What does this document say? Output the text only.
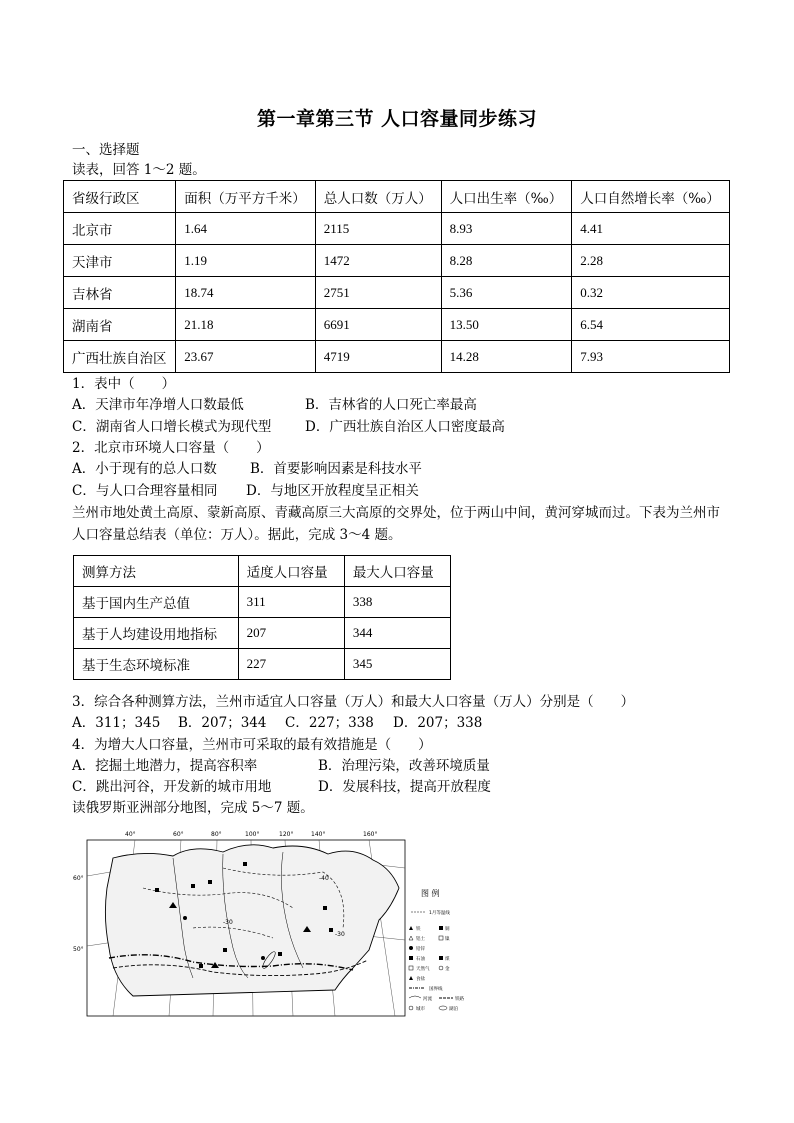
第一章第三节 人口容量同步练习
一、选择题
读表，回答 1～2 题。
省级行政区	面积（万平方千米）	总人口数（万人）	人口出生率（‰）	人口自然增长率（‰）
北京市	1.64	2115	8.93	4.41
天津市	1.19	1472	8.28	2.28
吉林省	18.74	2751	5.36	0.32
湖南省	21.18	6691	13.50	6.54
广西壮族自治区	23.67	4719	14.28	7.93
1．表中（　　）
A．天津市年净增人口数最低	B．吉林省的人口死亡率最高
C．湖南省人口增长模式为现代型 D．广西壮族自治区人口密度最高
2．北京市环境人口容量（　　）
A．小于现有的总人口数 B．首要影响因素是科技水平
C．与人口合理容量相同 D．与地区开放程度呈正相关
兰州市地处黄土高原、蒙新高原、青藏高原三大高原的交界处，位于两山中间，黄河穿城而过。下表为兰州市人口容量总结表（单位：万人）。据此，完成 3～4 题。
测算方法	适度人口容量	最大人口容量
基于国内生产总值	311	338
基于人均建设用地指标	207	344
基于生态环境标准	227	345
3．综合各种测算方法，兰州市适宜人口容量（万人）和最大人口容量（万人）分别是（　　）
A．311；345 B．207；344 C．227；338 D．207；338
4．为增大人口容量，兰州市可采取的最有效措施是（　　）
A．挖掘土地潜力，提高容积率	B．治理污染，改善环境质量
C．跳出河谷，开发新的城市用地	D．发展科技，提高开放程度
读俄罗斯亚洲部分地图，完成 5～7 题。
40°	60°	80°	100°	120°	140°	160°
60°
50°
-30
-40
-30
图 例
1月等温线
铁	铜
铝土
铅锌
镍
石油
天然气
食盐
煤
金
国界线
河流	铁路
城市	湖泊
